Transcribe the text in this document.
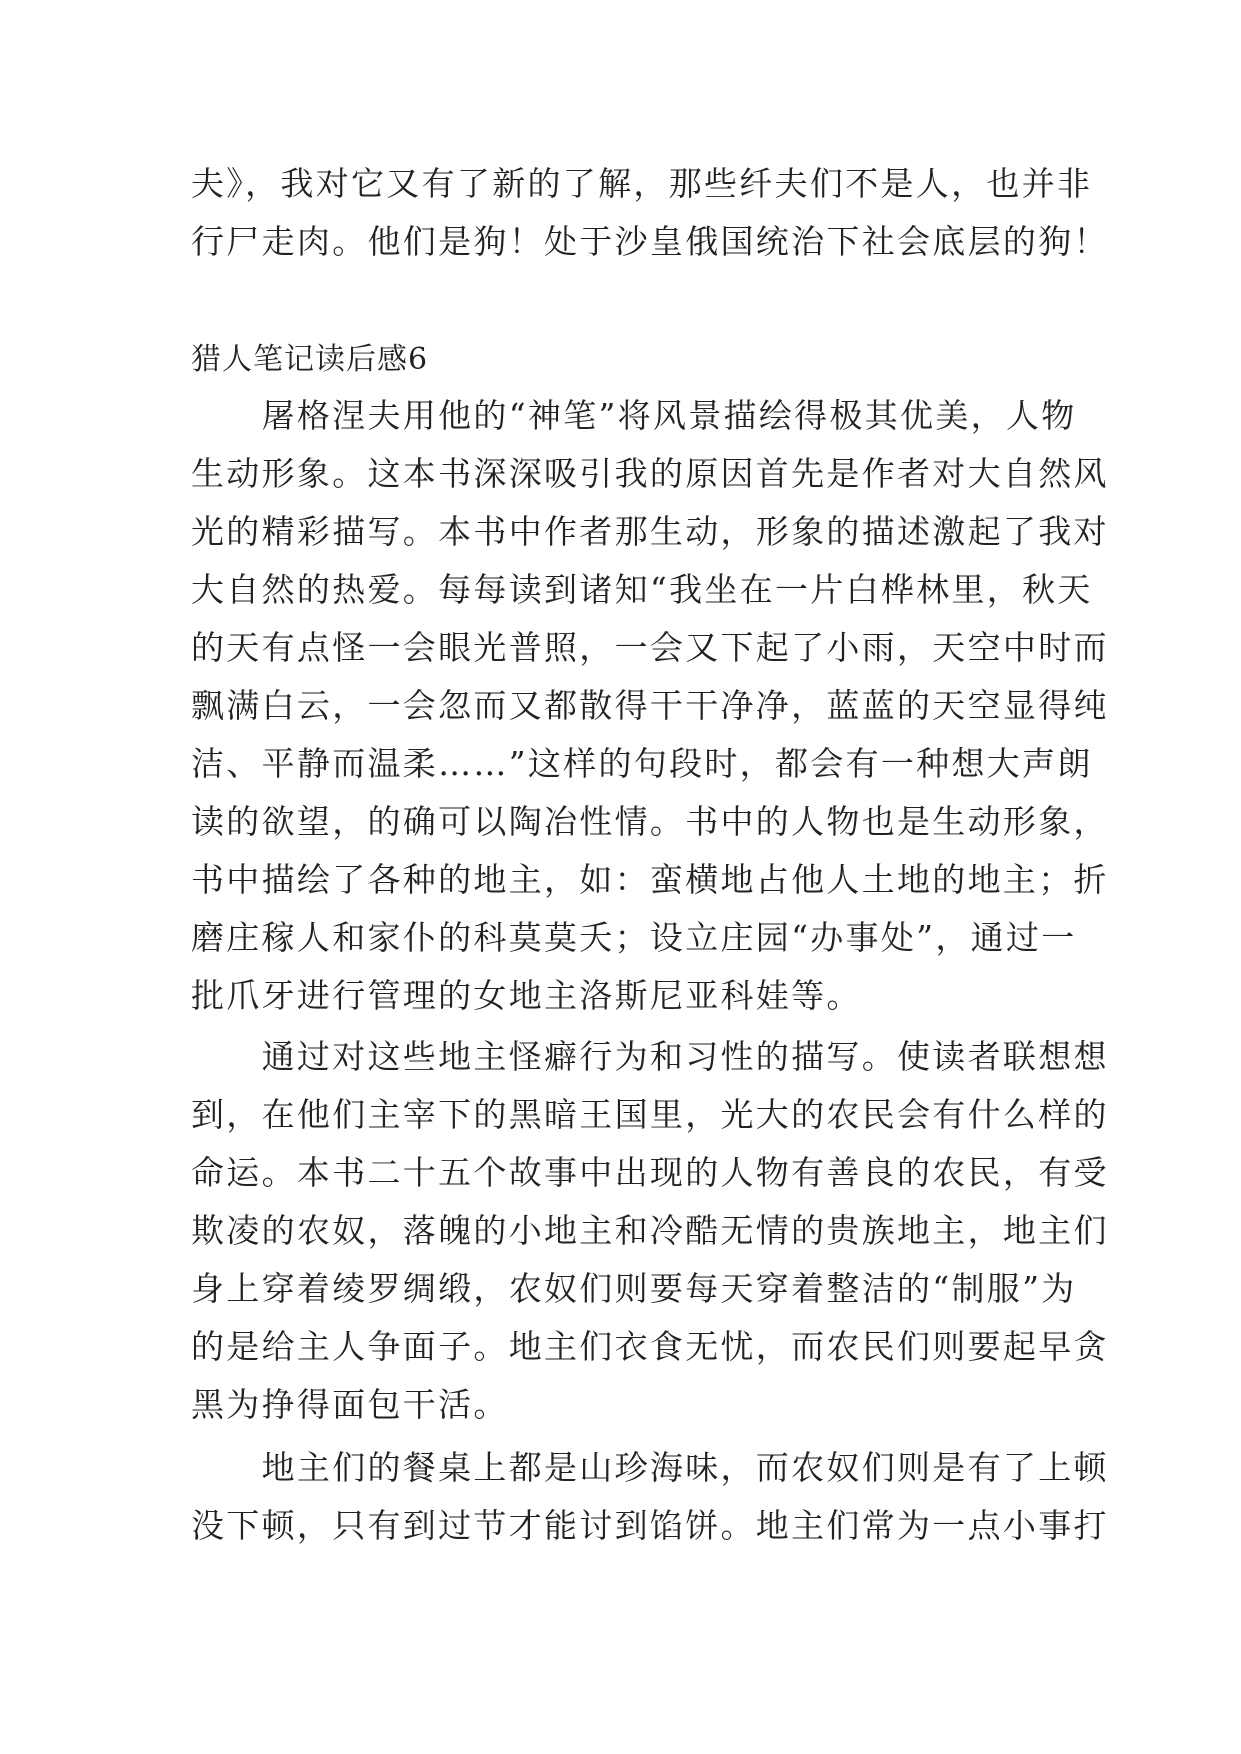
夫》，我对它又有了新的了解，那些纤夫们不是人，也并非
行尸走肉。他们是狗！处于沙皇俄国统治下社会底层的狗！
猎人笔记读后感6
　　屠格涅夫用他的“神笔”将风景描绘得极其优美，人物
生动形象。这本书深深吸引我的原因首先是作者对大自然风
光的精彩描写。本书中作者那生动，形象的描述激起了我对
大自然的热爱。每每读到诸知“我坐在一片白桦林里，秋天
的天有点怪一会眼光普照，一会又下起了小雨，天空中时而
飘满白云，一会忽而又都散得干干净净，蓝蓝的天空显得纯
洁、平静而温柔……”这样的句段时，都会有一种想大声朗
读的欲望，的确可以陶冶性情。书中的人物也是生动形象，
书中描绘了各种的地主，如：蛮横地占他人土地的地主；折
磨庄稼人和家仆的科莫莫夭；设立庄园“办事处”，通过一
批爪牙进行管理的女地主洛斯尼亚科娃等。
　　通过对这些地主怪癖行为和习性的描写。使读者联想想
到，在他们主宰下的黑暗王国里，光大的农民会有什么样的
命运。本书二十五个故事中出现的人物有善良的农民，有受
欺凌的农奴，落魄的小地主和冷酷无情的贵族地主，地主们
身上穿着绫罗绸缎，农奴们则要每天穿着整洁的“制服”为
的是给主人争面子。地主们衣食无忧，而农民们则要起早贪
黑为挣得面包干活。
　　地主们的餐桌上都是山珍海味，而农奴们则是有了上顿
没下顿，只有到过节才能讨到馅饼。地主们常为一点小事打
